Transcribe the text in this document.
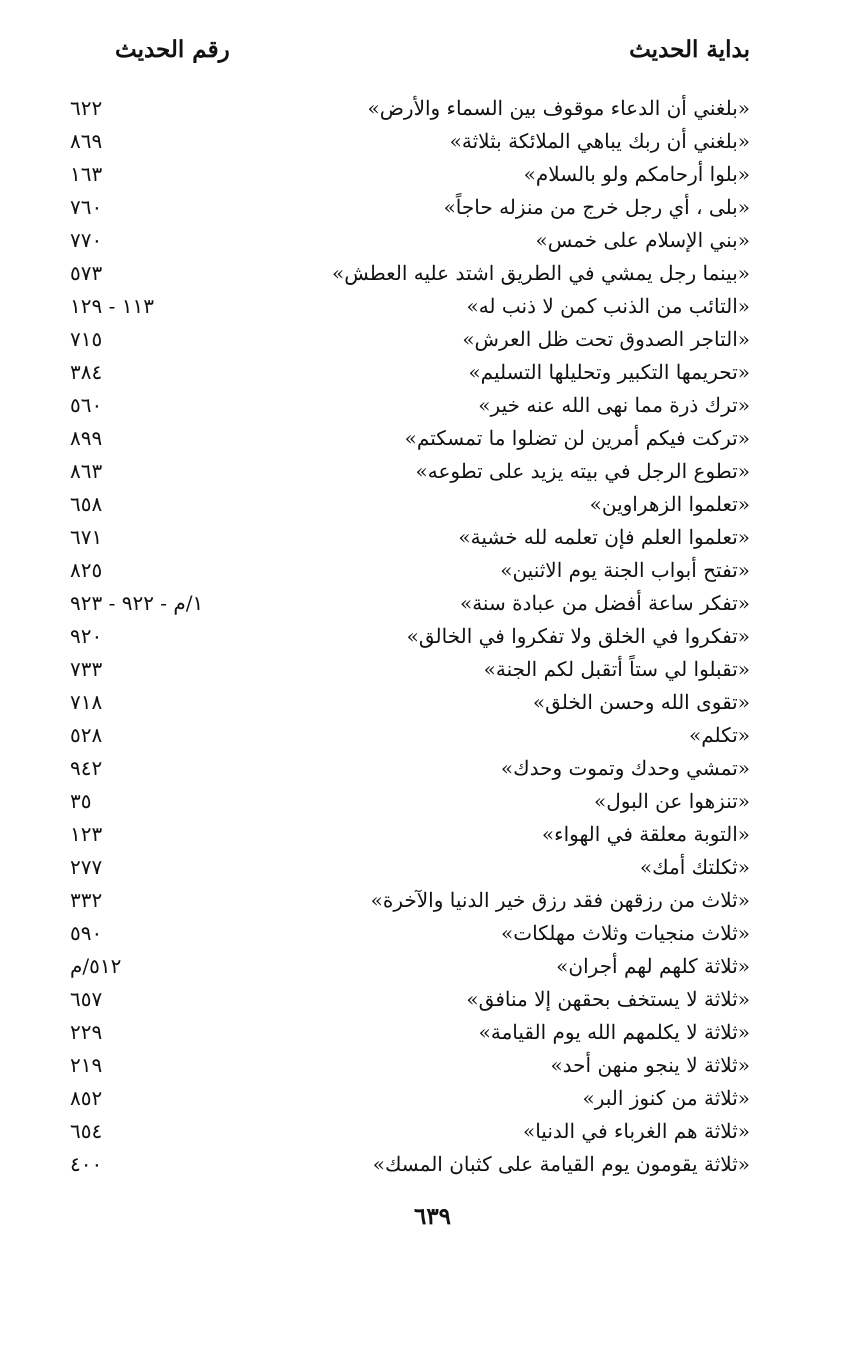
بداية الحديث
رقم الحديث
«بلغني أن الدعاء موقوف بين السماء والأرض»
٦٢٢
«بلغني أن ربك يباهي الملائكة بثلاثة»
٨٦٩
«بلوا أرحامكم ولو بالسلام»
١٦٣
«بلى ، أي رجل خرج من منزله حاجاً»
٧٦٠
«بني الإسلام على خمس»
٧٧٠
«بينما رجل يمشي في الطريق اشتد عليه العطش»
٥٧٣
«التائب من الذنب كمن لا ذنب له»
١١٣ - ١٢٩
«التاجر الصدوق تحت ظل العرش»
٧١٥
«تحريمها التكبير وتحليلها التسليم»
٣٨٤
«ترك ذرة مما نهى الله عنه خير»
٥٦٠
«تركت فيكم أمرين لن تضلوا ما تمسكتم»
٨٩٩
«تطوع الرجل في بيته يزيد على تطوعه»
٨٦٣
«تعلموا الزهراوين»
٦٥٨
«تعلموا العلم فإن تعلمه لله خشية»
٦٧١
«تفتح أبواب الجنة يوم الاثنين»
٨٢٥
«تفكر ساعة أفضل من عبادة سنة»
١/م - ٩٢٢ - ٩٢٣
«تفكروا في الخلق ولا تفكروا في الخالق»
٩٢٠
«تقبلوا لي ستاً أتقبل لكم الجنة»
٧٣٣
«تقوى الله وحسن الخلق»
٧١٨
«تكلم»
٥٢٨
«تمشي وحدك وتموت وحدك»
٩٤٢
«تنزهوا عن البول»
٣٥
«التوبة معلقة في الهواء»
١٢٣
«ثكلتك أمك»
٢٧٧
«ثلاث من رزقهن فقد رزق خير الدنيا والآخرة»
٣٣٢
«ثلاث منجيات وثلاث مهلكات»
٥٩٠
«ثلاثة كلهم لهم أجران»
٥١٢/م
«ثلاثة لا يستخف بحقهن إلا منافق»
٦٥٧
«ثلاثة لا يكلمهم الله يوم القيامة»
٢٢٩
«ثلاثة لا ينجو منهن أحد»
٢١٩
«ثلاثة من كنوز البر»
٨٥٢
«ثلاثة هم الغرباء في الدنيا»
٦٥٤
«ثلاثة يقومون يوم القيامة على كثبان المسك»
٤٠٠
٦٣٩
